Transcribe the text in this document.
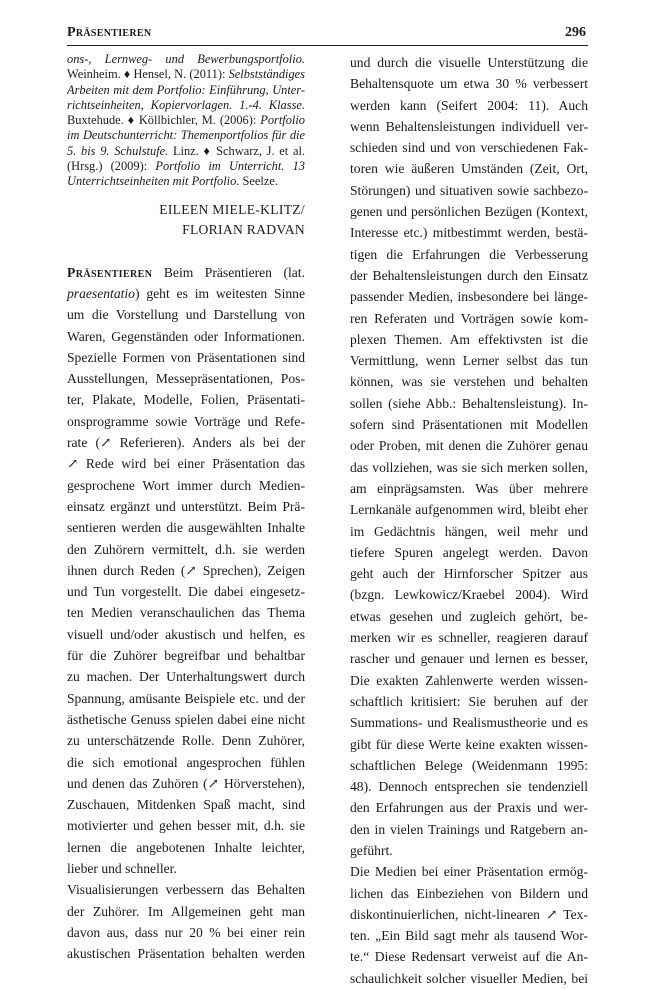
Präsentieren	296
ons-, Lernweg- und Bewerbungsportfolio.
Weinheim. ♦ Hensel, N. (2011): Selbstständiges
Arbeiten mit dem Portfolio: Einführung, Unter-
richtseinheiten, Kopiervorlagen. 1.-4. Klasse.
Buxtehude. ♦ Köllbichler, M. (2006): Portfolio
im Deutschunterricht: Themenportfolios für die
5. bis 9. Schulstufe. Linz. ♦ Schwarz, J. et al.
(Hrsg.) (2009): Portfolio im Unterricht. 13
Unterrichtseinheiten mit Portfolio. Seelze.
EILEEN MIELE-KLITZ/
FLORIAN RADVAN
Präsentieren Beim Präsentieren (lat.
praesentatio) geht es im weitesten Sinne
um die Vorstellung und Darstellung von
Waren, Gegenständen oder Informationen.
Spezielle Formen von Präsentationen sind
Ausstellungen, Messepräsentationen, Pos-
ter, Plakate, Modelle, Folien, Präsentati-
onsprogramme sowie Vorträge und Refe-
rate (↗ Referieren). Anders als bei der
↗ Rede wird bei einer Präsentation das
gesprochene Wort immer durch Medien-
einsatz ergänzt und unterstützt. Beim Prä-
sentieren werden die ausgewählten Inhalte
den Zuhörern vermittelt, d.h. sie werden
ihnen durch Reden (↗ Sprechen), Zeigen
und Tun vorgestellt. Die dabei eingesetz-
ten Medien veranschaulichen das Thema
visuell und/oder akustisch und helfen, es
für die Zuhörer begreifbar und behaltbar
zu machen. Der Unterhaltungswert durch
Spannung, amüsante Beispiele etc. und der
ästhetische Genuss spielen dabei eine nicht
zu unterschätzende Rolle. Denn Zuhörer,
die sich emotional angesprochen fühlen
und denen das Zuhören (↗ Hörverstehen),
Zuschauen, Mitdenken Spaß macht, sind
motivierter und gehen besser mit, d.h. sie
lernen die angebotenen Inhalte leichter,
lieber und schneller.
Visualisierungen verbessern das Behalten
der Zuhörer. Im Allgemeinen geht man
davon aus, dass nur 20 % bei einer rein
akustischen Präsentation behalten werden
und durch die visuelle Unterstützung die
Behaltensquote um etwa 30 % verbessert
werden kann (Seifert 2004: 11). Auch
wenn Behaltensleistungen individuell ver-
schieden sind und von verschiedenen Fak-
toren wie äußeren Umständen (Zeit, Ort,
Störungen) und situativen sowie sachbezo-
genen und persönlichen Bezügen (Kontext,
Interesse etc.) mitbestimmt werden, bestä-
tigen die Erfahrungen die Verbesserung
der Behaltensleistungen durch den Einsatz
passender Medien, insbesondere bei länge-
ren Referaten und Vorträgen sowie kom-
plexen Themen. Am effektivsten ist die
Vermittlung, wenn Lerner selbst das tun
können, was sie verstehen und behalten
sollen (siehe Abb.: Behaltensleistung). In-
sofern sind Präsentationen mit Modellen
oder Proben, mit denen die Zuhörer genau
das vollziehen, was sie sich merken sollen,
am einprägsamsten. Was über mehrere
Lernkanäle aufgenommen wird, bleibt eher
im Gedächtnis hängen, weil mehr und
tiefere Spuren angelegt werden. Davon
geht auch der Hirnforscher Spitzer aus
(bzgn. Lewkowicz/Kraebel 2004). Wird
etwas gesehen und zugleich gehört, be-
merken wir es schneller, reagieren darauf
rascher und genauer und lernen es besser,
Die exakten Zahlenwerte werden wissen-
schaftlich kritisiert: Sie beruhen auf der
Summations- und Realismustheorie und es
gibt für diese Werte keine exakten wissen-
schaftlichen Belege (Weidenmann 1995:
48). Dennoch entsprechen sie tendenziell
den Erfahrungen aus der Praxis und wer-
den in vielen Trainings und Ratgebern an-
geführt.
Die Medien bei einer Präsentation ermög-
lichen das Einbeziehen von Bildern und
diskontinuierlichen, nicht-linearen ↗ Tex-
ten. „Ein Bild sagt mehr als tausend Wor-
te.“ Diese Redensart verweist auf die An-
schaulichkeit solcher visueller Medien, bei
